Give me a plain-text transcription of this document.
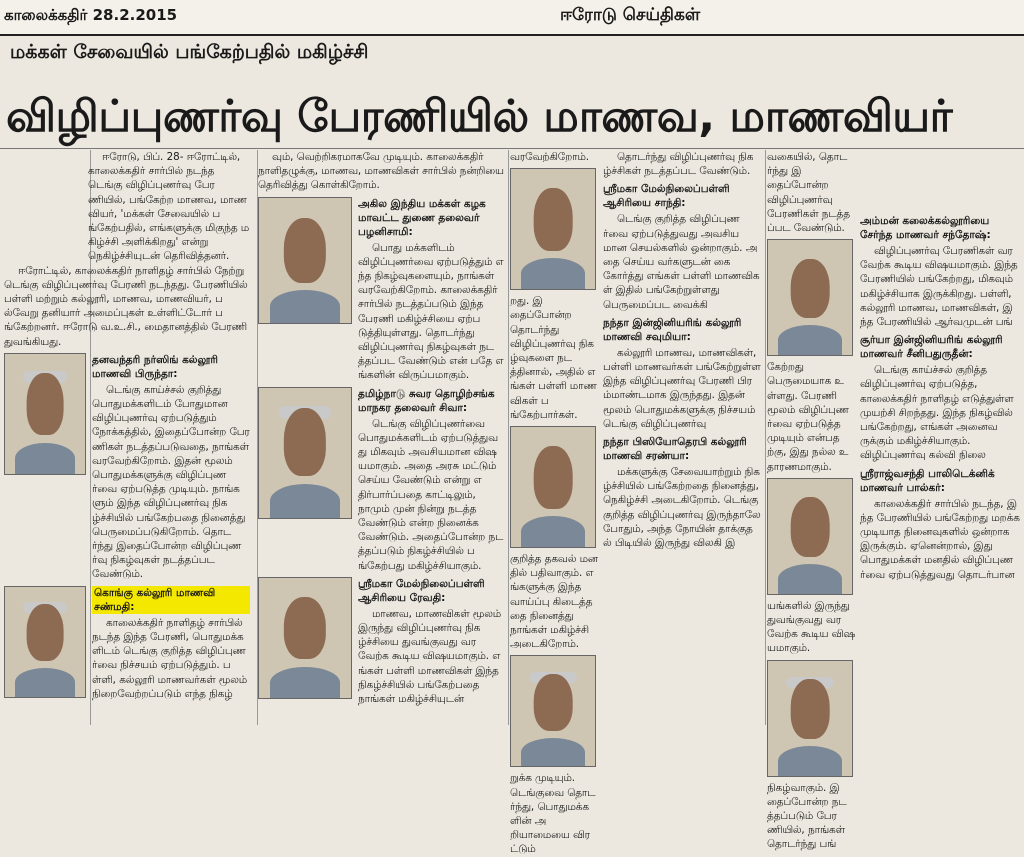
காலைக்கதிர் 28.2.2015	ஈரோடு செய்திகள்
மக்கள் சேவையில் பங்கேற்பதில் மகிழ்ச்சி
விழிப்புணர்வு பேரணியில் மாணவ, மாணவியர்

ஈரோடு, பிப். 28- ஈரோட்டில், காலைக்கதிர் சார்பில் நடந்த டெங்கு விழிப்புணர்வு பேரணியில், பங்கேற்ற மாணவ, மாணவியர், 'மக்கள் சேவையில் பங்கேற்பதில், எங்களுக்கு மிகுந்த மகிழ்ச்சி அளிக்கிறது' என்று நெகிழ்ச்சியுடன் தெரிவித்தனர்.

ஈரோட்டில், காலைக்கதிர் நாளிதழ் சார்பில் நேற்று டெங்கு விழிப்புணர்வு பேரணி நடந்தது. பேரணியில் பள்ளி மற்றும் கல்லூரி, மாணவ, மாணவியர், பல்வேறு தனியார் அமைப்புகள் உள்ளிட்டோர் பங்கேற்றனர். ஈரோடு வ.உ.சி., மைதானத்தில் பேரணி துவங்கியது.

தனவந்தரி நர்ஸிங் கல்லூரி மாணவி பிருந்தா:

டெங்கு காய்ச்சல் குறித்து பொதுமக்களிடம் போதுமான விழிப்புணர்வு ஏற்படுத்தும் நோக்கத்தில், இதைப்போன்ற பேரணிகள் நடத்தப்படுவதை, நாங்கள் வரவேற்கிறோம். இதன் மூலம் பொதுமக்களுக்கு விழிப்புணர்வை ஏற்படுத்த முடியும். நாங்களும் இந்த விழிப்புணர்வு நிகழ்ச்சியில் பங்கேற்பதை நினைத்து பெருமைப்படுகிறோம். தொடர்ந்து இதைப்போன்ற விழிப்புணர்வு நிகழ்வுகள் நடத்தப்பட வேண்டும்.

கொங்கு கல்லூரி மாணவி சண்மதி:

காலைக்கதிர் நாளிதழ் சார்பில் நடந்த இந்த பேரணி, பொதுமக்களிடம் டெங்கு குறித்த விழிப்புணர்வை நிச்சயம் ஏற்படுத்தும். பள்ளி, கல்லூரி மாணவர்கள் மூலம் நிறைவேற்றப்படும் எந்த நிகழ்

வும், வெற்றிகரமாகவே முடியும். காலைக்கதிர் நாளிதழுக்கு, மாணவ, மாணவிகள் சார்பில் நன்றியை தெரிவித்து கொள்கிறோம்.

அகில இந்திய மக்கள் கழக மாவட்ட துணை தலைவர் பழனிசாமி:

பொது மக்களிடம் விழிப்புணர்வை ஏற்படுத்தும் எந்த நிகழ்வுகளையும், நாங்கள் வரவேற்கிறோம். காலைக்கதிர் சார்பில் நடத்தப்படும் இந்த பேரணி மகிழ்ச்சியை ஏற்படுத்தியுள்ளது. தொடர்ந்து விழிப்புணர்வு நிகழ்வுகள் நடத்தப்பட வேண்டும் என் பதே எங்களின் விருப்பமாகும்.

தமிழ்நாடு சுவர தொழிற்சங்க மாநகர தலைவர் சிவா:

டெங்கு விழிப்புணர்வை பொதுமக்களிடம் ஏற்படுத்துவது மிகவும் அவசியமான விஷயமாகும். அதை அரசு மட்டும் செய்ய வேண்டும் என்று எதிர்பார்ப்பதை காட்டிலும், நாமும் முன் நின்று நடத்த வேண்டும் என்ற நினைக்க வேண்டும். அதைப்போன்ற நடத்தப்படும் நிகழ்ச்சியில் பங்கேற்பது மகிழ்ச்சியாகும்.

ஸ்ரீமகா மேல்நிலைப்பள்ளி ஆசிரியை ரேவதி:

மாணவ, மாணவிகள் மூலம் இருந்து விழிப்புணர்வு நிகழ்ச்சியை துவங்குவது வரவேற்க கூடிய விஷயமாகும். எங்கள் பள்ளி மாணவிகள் இந்த நிகழ்ச்சியில் பங்கேற்பதை நாங்கள் மகிழ்ச்சியுடன்

வரவேற்கிறோம்.

றது. இதைப்போன்ற தொடர்ந்து விழிப்புணர்வு நிகழ்வுகளை நடத்தினால், அதில் எங்கள் பள்ளி மாணவிகள் பங்கேற்பார்கள்.

குறித்த தகவல் மனதில் பதிவாகும். எங்களுக்கு இந்த வாய்ப்பு கிடைத்ததை நினைத்து நாங்கள் மகிழ்ச்சி அடைகிறோம்.

றுக்க முடியும். டெங்குவை தொடர்ந்து, பொதுமக்களின் அறியாமையை விரட்டும்

தொடர்ந்து விழிப்புணர்வு நிகழ்ச்சிகள் நடத்தப்பட வேண்டும்.

ஸ்ரீமகா மேல்நிலைப்பள்ளி ஆசிரியை சாந்தி:

டெங்கு குறித்த விழிப்புணர்வை ஏற்படுத்துவது அவசியமான செயல்களில் ஒன்றாகும். அதை செய்ய வர்களுடன் கை கோர்த்து எங்கள் பள்ளி மாணவிகள் இதில் பங்கேற்றுள்ளது பெருமைப்பட வைக்கி

நந்தா இன்ஜினியரிங் கல்லூரி மாணவி சவுமியா:

கல்லூரி மாணவ, மாணவிகள், பள்ளி மாணவர்கள் பங்கேற்றுள்ள இந்த விழிப்புணர்வு பேரணி பிரம்மாண்டமாக இருந்தது. இதன் மூலம் பொதுமக்களுக்கு நிச்சயம் டெங்கு விழிப்புணர்வு

நந்தா பிஸியோதெரபி கல்லூரி மாணவி சரண்யா:

மக்களுக்கு சேவையாற்றும் நிகழ்ச்சியில் பங்கேற்றதை நினைத்து, நெகிழ்ச்சி அடைகிறோம். டெங்கு குறித்த விழிப்புணர்வு இருந்தாலே போதும், அந்த நோயின் தாக்குதல் பிடியில் இருந்து விலகி இ

வகையில், தொடர்ந்து இதைப்போன்ற விழிப்புணர்வு பேரணிகள் நடத்தப்பட வேண்டும்.

கேற்றது பெருமையாக உள்ளது. பேரணி மூலம் விழிப்புணர்வை ஏற்படுத்த முடியும் என்பதற்கு, இது நல்ல உதாரணமாகும்.

யங்களில் இருந்து துவங்குவது வரவேற்க கூடிய விஷயமாகும்.

நிகழ்வாகும். இதைப்போன்ற நடத்தப்படும் பேரணியில், நாங்கள் தொடர்ந்து பங்

அம்மன் கலைக்கல்லூரியை சேர்ந்த மாணவர் சந்தோஷ்:

விழிப்புணர்வு பேரணிகள் வரவேற்க கூடிய விஷயமாகும். இந்த பேரணியில் பங்கேற்றது, மிகவும் மகிழ்ச்சியாக இருக்கிறது. பள்ளி, கல்லூரி மாணவ, மாணவிகள், இந்த பேரணியில் ஆர்வமுடன் பங்

சூர்யா இன்ஜினியரிங் கல்லூரி மாணவர் சீனிபதுருதீன்:

டெங்கு காய்ச்சல் குறித்த விழிப்புணர்வு ஏற்படுத்த, காலைக்கதிர் நாளிதழ் எடுத்துள்ள முயற்சி சிறந்தது. இந்த நிகழ்வில் பங்கேற்றது, எங்கள் அனைவருக்கும் மகிழ்ச்சியாகும். விழிப்புணர்வு கல்வி நிலை

ஸ்ரீராஜ்வசந்தி பாலிடெக்னிக் மாணவர் பால்கர்:

காலைக்கதிர் சார்பில் நடந்த, இந்த பேரணியில் பங்கேற்றது மறக்க முடியாத நினைவுகளில் ஒன்றாக இருக்கும். ஏனென்றால், இது பொதுமக்கள் மனதில் விழிப்புணர்வை ஏற்படுத்துவது தொடர்பான
